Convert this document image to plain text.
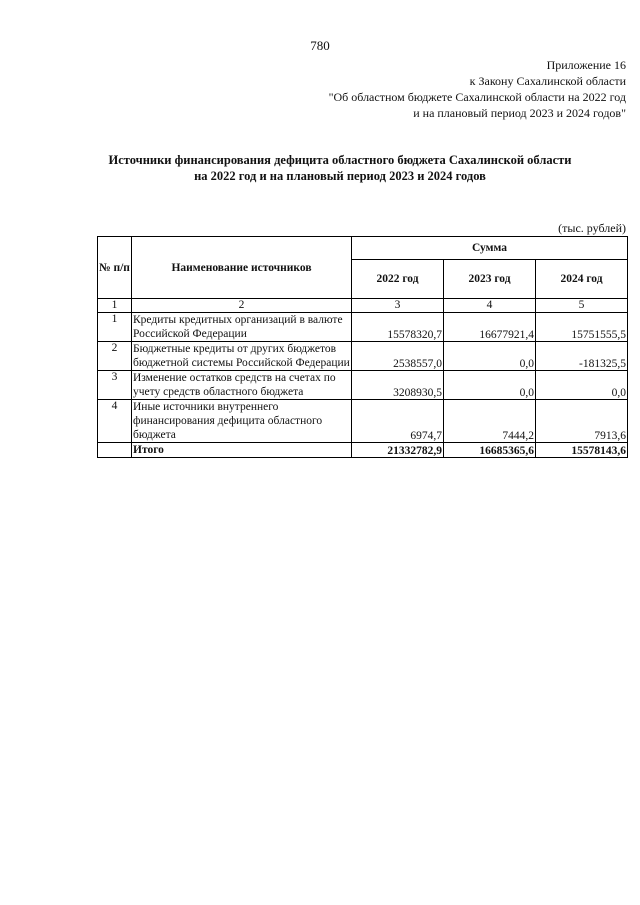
780
Приложение 16
к Закону Сахалинской области
"Об областном бюджете Сахалинской области на 2022 год
и на плановый период 2023 и 2024 годов"
Источники финансирования дефицита областного бюджета Сахалинской области
на 2022 год и на плановый период 2023 и 2024 годов
(тыс. рублей)
№ п/п	Наименование источников	Сумма		
		2022 год	2023 год	2024 год
1	2	3	4	5
1	Кредиты кредитных организаций в валюте Российской Федерации	15578320,7	16677921,4	15751555,5
2	Бюджетные кредиты от других бюджетов бюджетной системы Российской Федерации	2538557,0	0,0	-181325,5
3	Изменение остатков средств на счетах по учету средств областного бюджета	3208930,5	0,0	0,0
4	Иные источники внутреннего финансирования дефицита областного бюджета	6974,7	7444,2	7913,6
	Итого	21332782,9	16685365,6	15578143,6
